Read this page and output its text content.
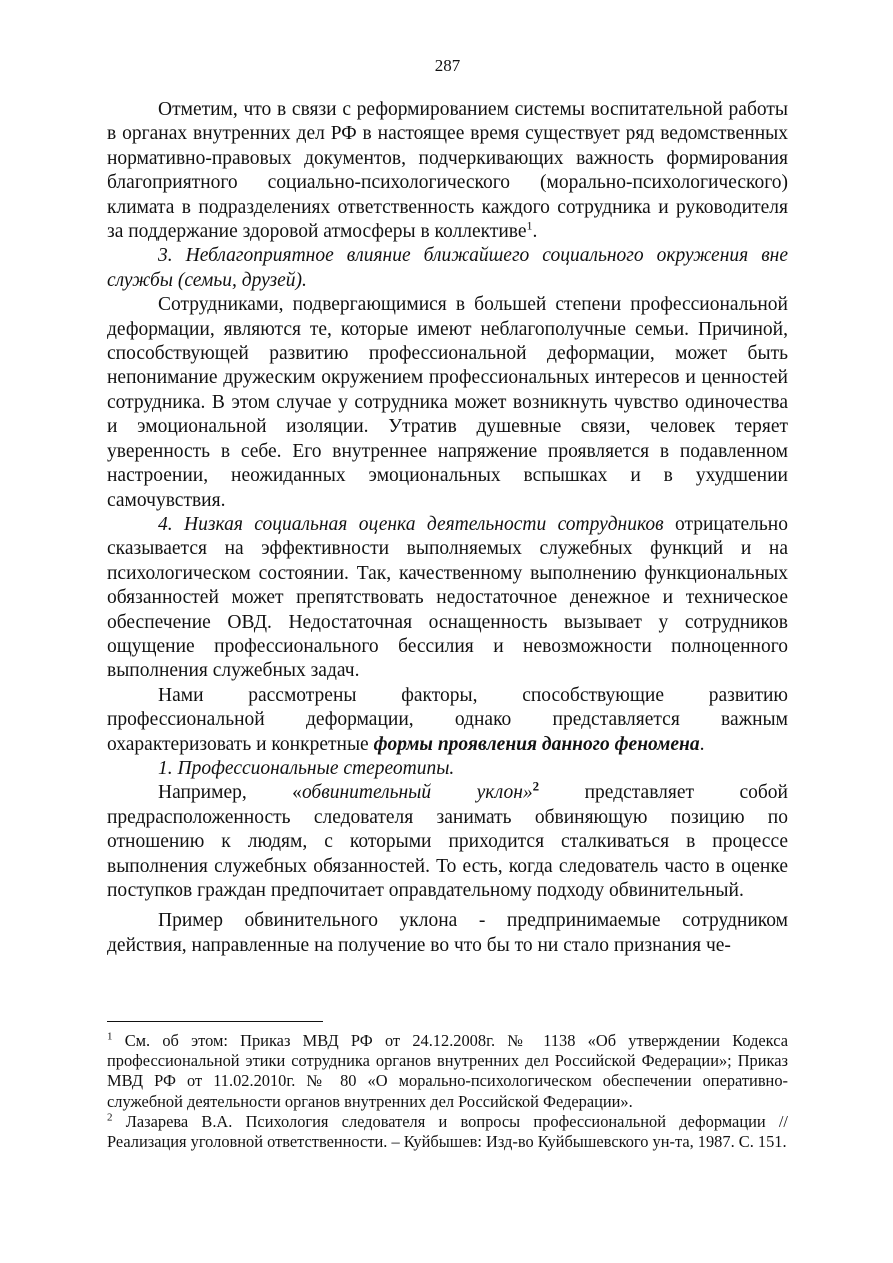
287

Отметим, что в связи с реформированием системы воспитательной работы в органах внутренних дел РФ в настоящее время существует ряд ведомственных нормативно-правовых документов, подчеркивающих важность формирования благоприятного социально-психологического (морально-психологического) климата в подразделениях ответственность каждого сотрудника и руководителя за поддержание здоровой атмосферы в коллективе$^1$.

3. Неблагоприятное влияние ближайшего социального окружения вне службы (семьи, друзей).

Сотрудниками, подвергающимися в большей степени профессиональной деформации, являются те, которые имеют неблагополучные семьи. Причиной, способствующей развитию профессиональной деформации, может быть непонимание дружеским окружением профессиональных интересов и ценностей сотрудника. В этом случае у сотрудника может возникнуть чувство одиночества и эмоциональной изоляции. Утратив душевные связи, человек теряет уверенность в себе. Его внутреннее напряжение проявляется в подавленном настроении, неожиданных эмоциональных вспышках и в ухудшении самочувствия.

4. Низкая социальная оценка деятельности сотрудников отрицательно сказывается на эффективности выполняемых служебных функций и на психологическом состоянии. Так, качественному выполнению функциональных обязанностей может препятствовать недостаточное денежное и техническое обеспечение ОВД. Недостаточная оснащенность вызывает у сотрудников ощущение профессионального бессилия и невозможности полноценного выполнения служебных задач.

Нами рассмотрены факторы, способствующие развитию профессиональной деформации, однако представляется важным охарактеризовать и конкретные формы проявления данного феномена.

1. Профессиональные стереотипы.

Например, «обвинительный уклон»$^2$ представляет собой предрасположенность следователя занимать обвиняющую позицию по отношению к людям, с которыми приходится сталкиваться в процессе выполнения служебных обязанностей. То есть, когда следователь часто в оценке поступков граждан предпочитает оправдательному подходу обвинительный.

Пример обвинительного уклона - предпринимаемые сотрудником действия, направленные на получение во что бы то ни стало признания че-

$^1$ См. об этом: Приказ МВД РФ от 24.12.2008г. № 1138 «Об утверждении Кодекса профессиональной этики сотрудника органов внутренних дел Российской Федерации»; Приказ МВД РФ от 11.02.2010г. № 80 «О морально-психологическом обеспечении оперативно-служебной деятельности органов внутренних дел Российской Федерации».

$^2$ Лазарева В.А. Психология следователя и вопросы профессиональной деформации // Реализация уголовной ответственности. – Куйбышев: Изд-во Куйбышевского ун-та, 1987. С. 151.
